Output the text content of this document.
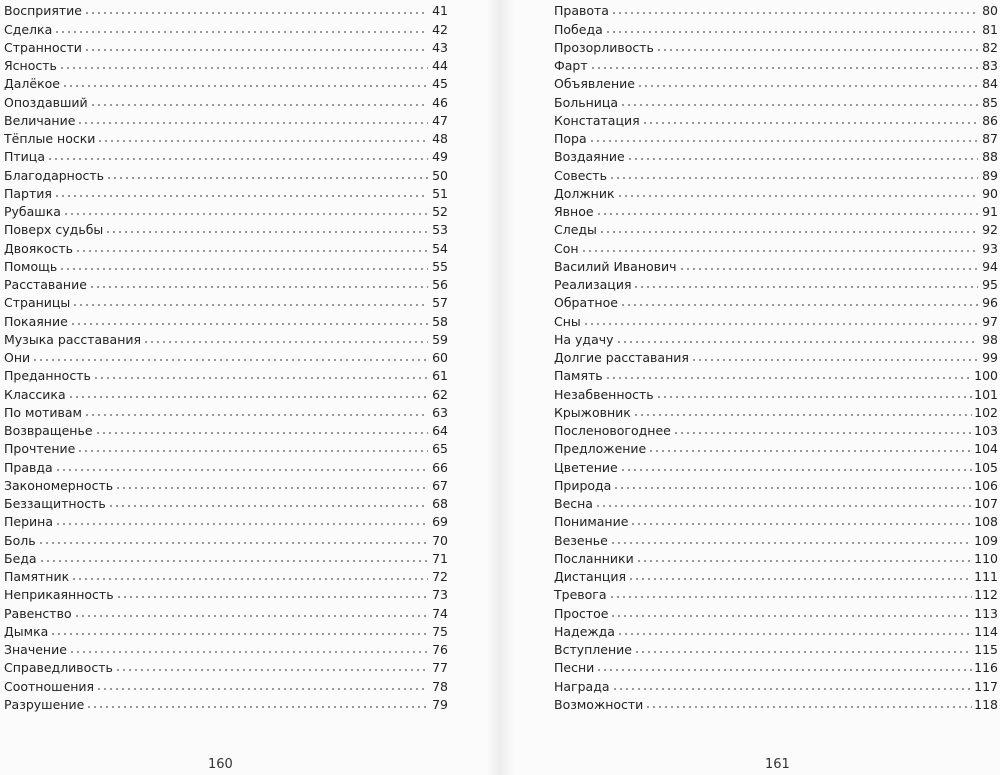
Восприятие	41
Сделка	42
Странности	43
Ясность	44
Далёкое	45
Опоздавший	46
Величание	47
Тёплые носки	48
Птица	49
Благодарность	50
Партия	51
Рубашка	52
Поверх судьбы	53
Двоякость	54
Помощь	55
Расставание	56
Страницы	57
Покаяние	58
Музыка расставания	59
Они	60
Преданность	61
Классика	62
По мотивам	63
Возвращенье	64
Прочтение	65
Правда	66
Закономерность	67
Беззащитность	68
Перина	69
Боль	70
Беда	71
Памятник	72
Неприкаянность	73
Равенство	74
Дымка	75
Значение	76
Справедливость	77
Соотношения	78
Разрушение	79
160
Правота	80
Победа	81
Прозорливость	82
Фарт	83
Объявление	84
Больница	85
Констатация	86
Пора	87
Воздаяние	88
Совесть	89
Должник	90
Явное	91
Следы	92
Сон	93
Василий Иванович	94
Реализация	95
Обратное	96
Сны	97
На удачу	98
Долгие расставания	99
Память	100
Незабвенность	101
Крыжовник	102
Посленовогоднее	103
Предложение	104
Цветение	105
Природа	106
Весна	107
Понимание	108
Везенье	109
Посланники	110
Дистанция	111
Тревога	112
Простое	113
Надежда	114
Вступление	115
Песни	116
Награда	117
Возможности	118
161
